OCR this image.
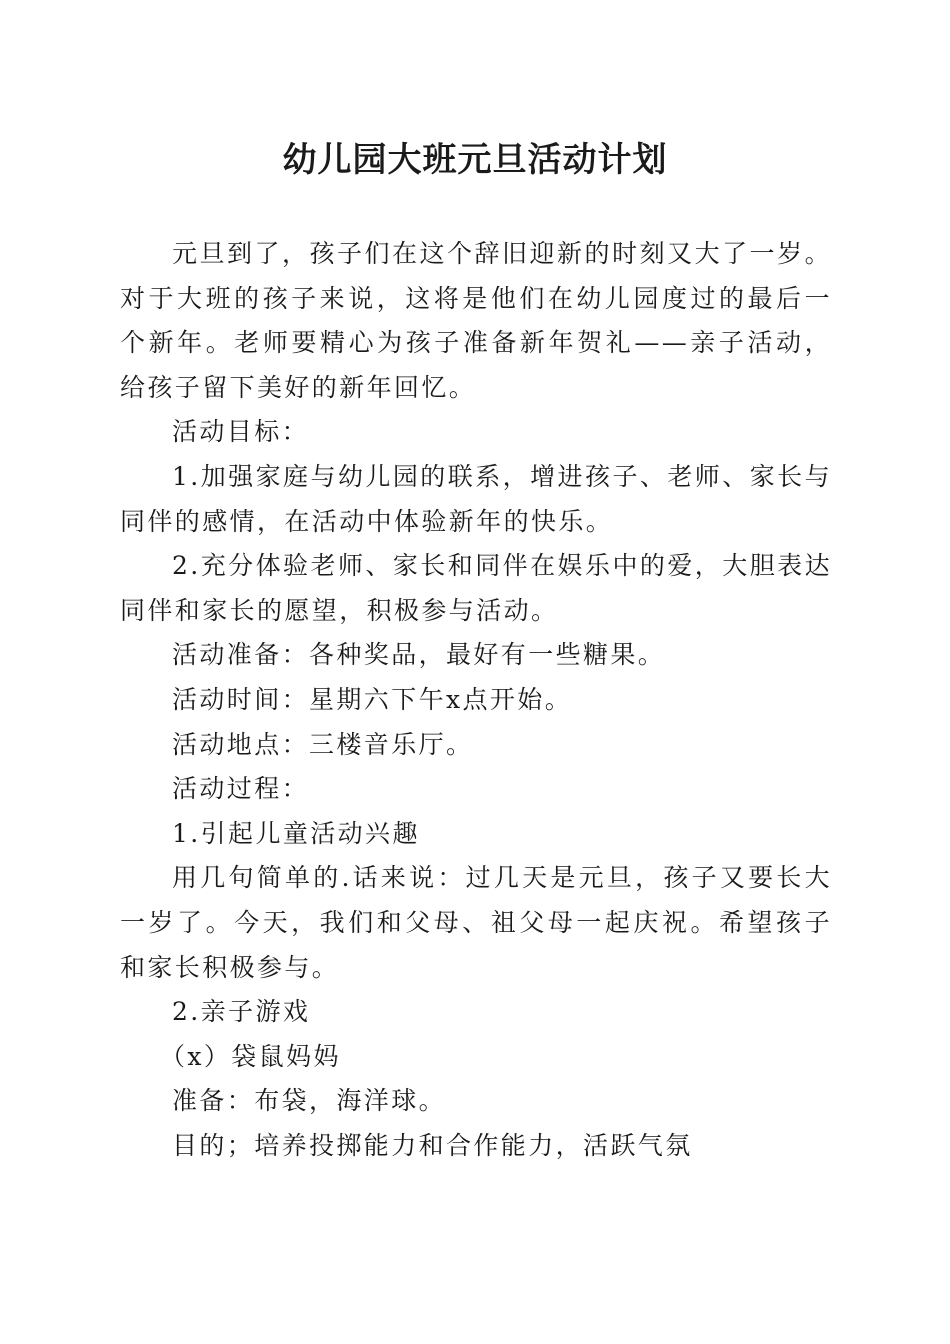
幼儿园大班元旦活动计划

元旦到了，孩子们在这个辞旧迎新的时刻又大了一岁。对于大班的孩子来说，这将是他们在幼儿园度过的最后一个新年。老师要精心为孩子准备新年贺礼——亲子活动，给孩子留下美好的新年回忆。

活动目标：

1.加强家庭与幼儿园的联系，增进孩子、老师、家长与同伴的感情，在活动中体验新年的快乐。

2.充分体验老师、家长和同伴在娱乐中的爱，大胆表达同伴和家长的愿望，积极参与活动。

活动准备：各种奖品，最好有一些糖果。

活动时间：星期六下午x点开始。

活动地点：三楼音乐厅。

活动过程：

1.引起儿童活动兴趣

用几句简单的.话来说：过几天是元旦，孩子又要长大一岁了。今天，我们和父母、祖父母一起庆祝。希望孩子和家长积极参与。

2.亲子游戏

（x）袋鼠妈妈

准备：布袋，海洋球。

目的；培养投掷能力和合作能力，活跃气氛
